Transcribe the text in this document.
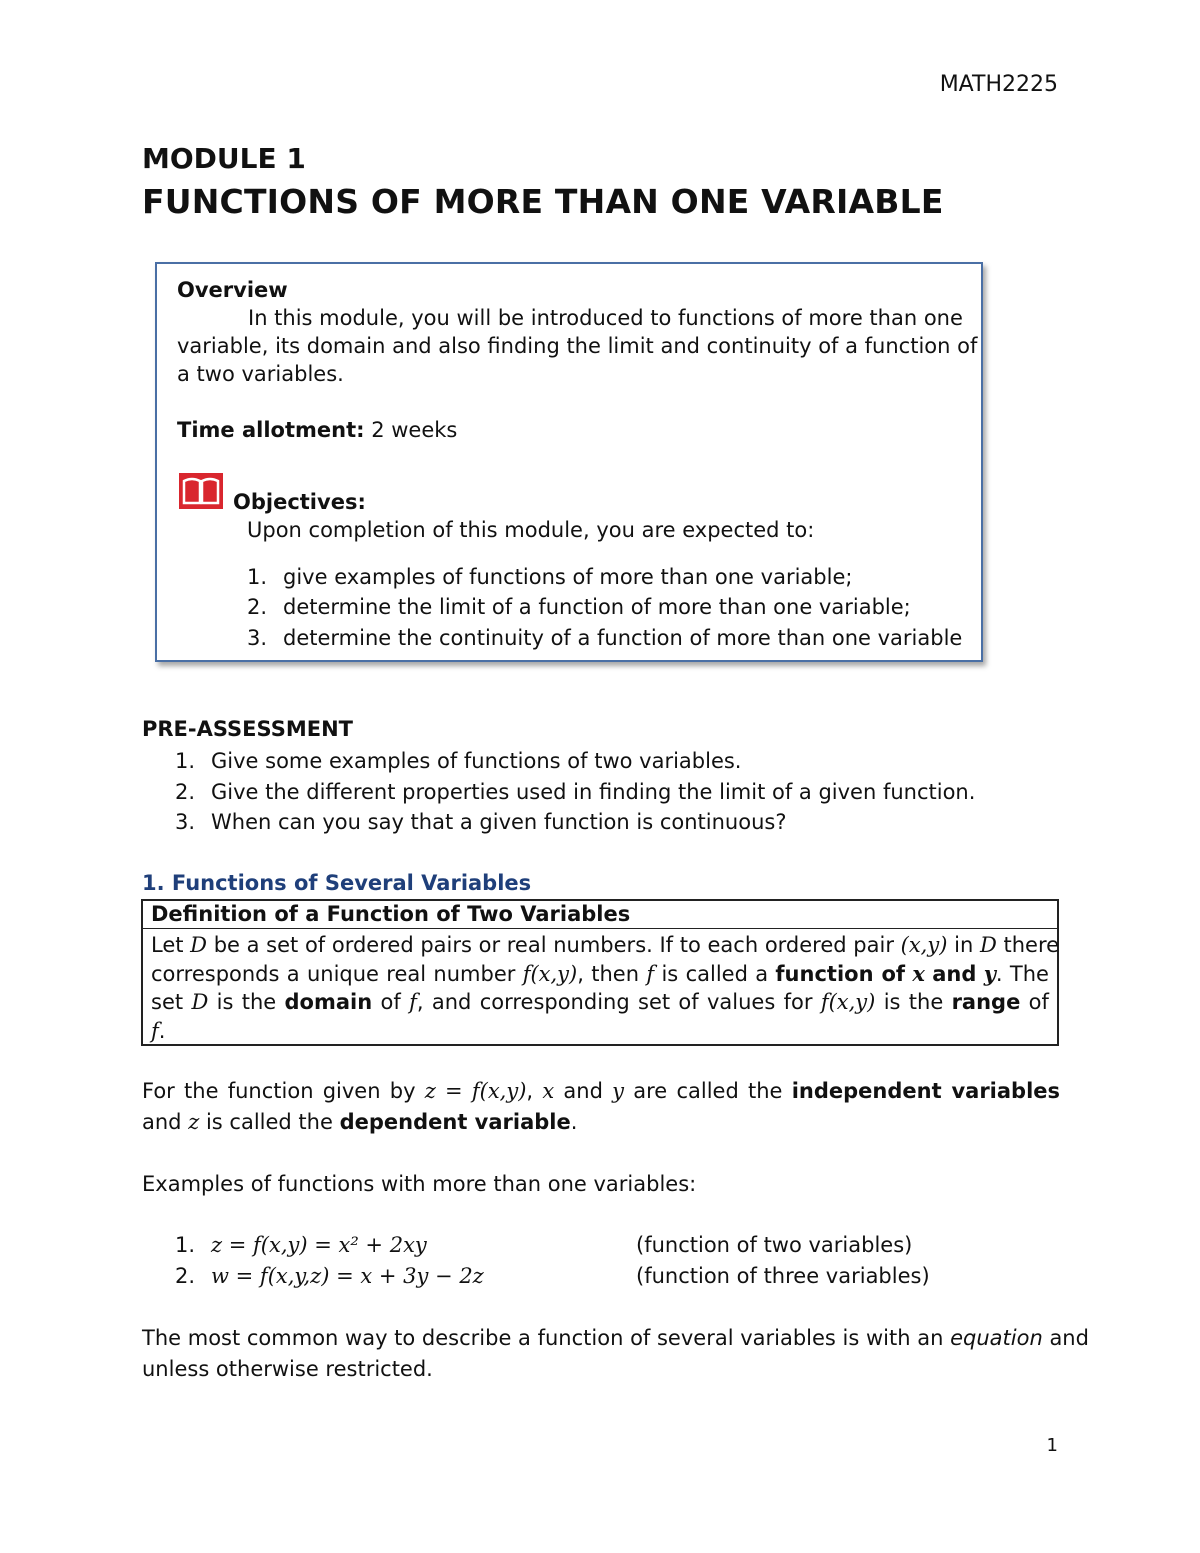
MATH2225
MODULE 1
FUNCTIONS OF MORE THAN ONE VARIABLE
Overview
In this module, you will be introduced to functions of more than one
variable, its domain and also finding the limit and continuity of a function of
a two variables.
Time allotment: 2 weeks
Objectives:
Upon completion of this module, you are expected to:
1. give examples of functions of more than one variable;
2. determine the limit of a function of more than one variable;
3. determine the continuity of a function of more than one variable
PRE-ASSESSMENT
1. Give some examples of functions of two variables.
2. Give the different properties used in finding the limit of a given function.
3. When can you say that a given function is continuous?
1. Functions of Several Variables
Definition of a Function of Two Variables
Let D be a set of ordered pairs or real numbers. If to each ordered pair (x,y) in D there
corresponds a unique real number f(x,y), then f is called a function of x and y. The
set D is the domain of f, and corresponding set of values for f(x,y) is the range of
f.
For the function given by z = f(x,y), x and y are called the independent variables
and z is called the dependent variable.
Examples of functions with more than one variables:
1. z = f(x,y) = x² + 2xy	(function of two variables)
2. w = f(x,y,z) = x + 3y − 2z	(function of three variables)
The most common way to describe a function of several variables is with an equation and
unless otherwise restricted.
1
